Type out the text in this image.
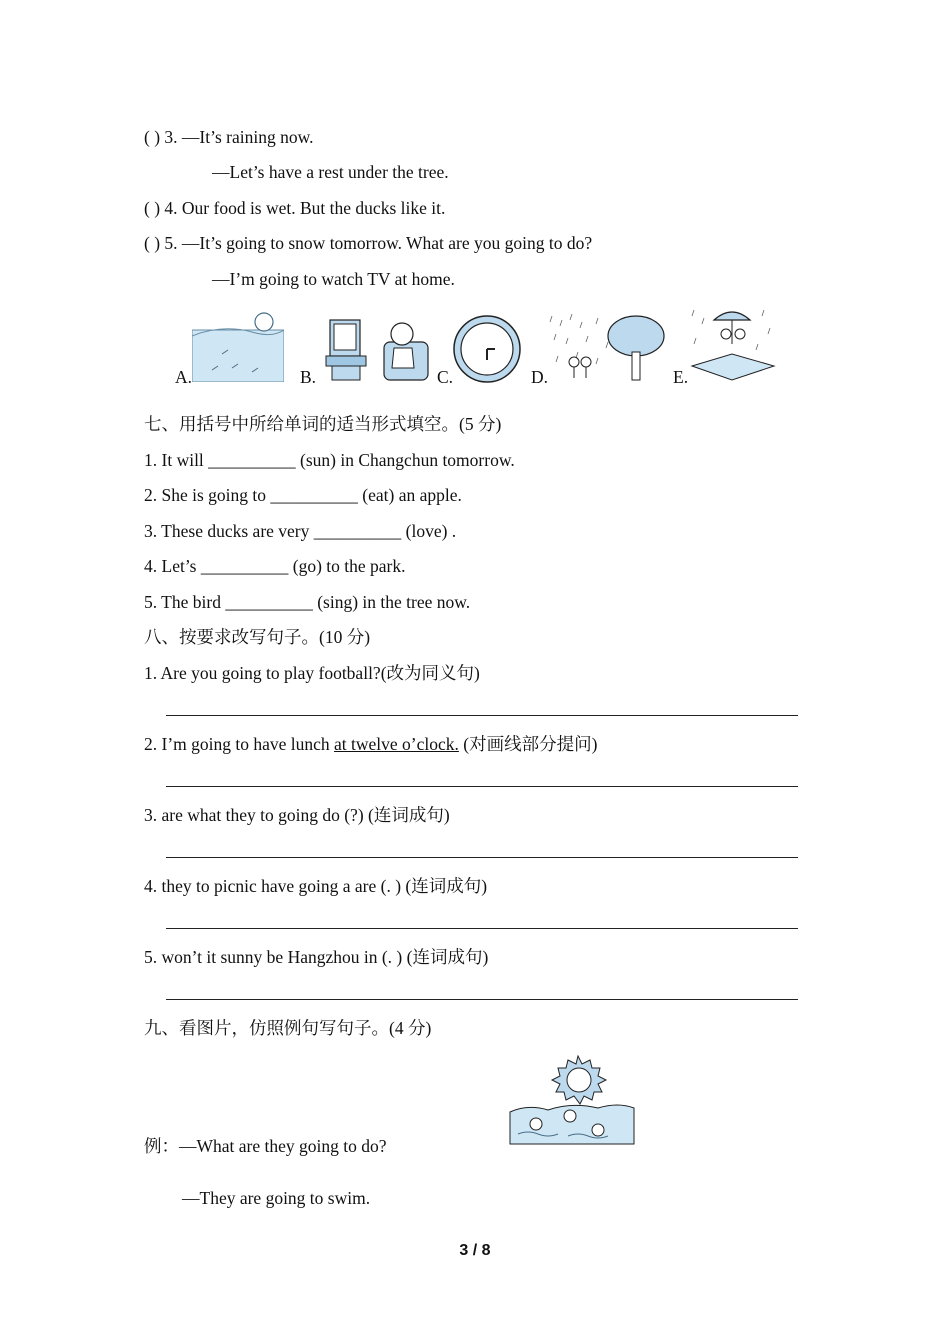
( ) 3. —It’s raining now.
—Let’s have a rest under the tree.
( ) 4. Our food is wet. But the ducks like it.
( ) 5. —It’s going to snow tomorrow. What are you going to do?
—I’m going to watch TV at home.
A.	B.	C.	D.	E.
七、用括号中所给单词的适当形式填空。(5 分)
1. It will __________ (sun) in Changchun tomorrow.
2. She is going to __________ (eat) an apple.
3. These ducks are very __________ (love) .
4. Let’s __________ (go) to the park.
5. The bird __________ (sing) in the tree now.
八、按要求改写句子。(10 分)
1. Are you going to play football?(改为同义句)
2. I’m going to have lunch at twelve o’clock. (对画线部分提问)
3. are what they to going do (?) (连词成句)
4. they to picnic have going a are (. ) (连词成句)
5. won’t it sunny be Hangzhou in (. ) (连词成句)
九、看图片，仿照例句写句子。(4 分)
例：—What are they going to do?
—They are going to swim.
3 / 8
